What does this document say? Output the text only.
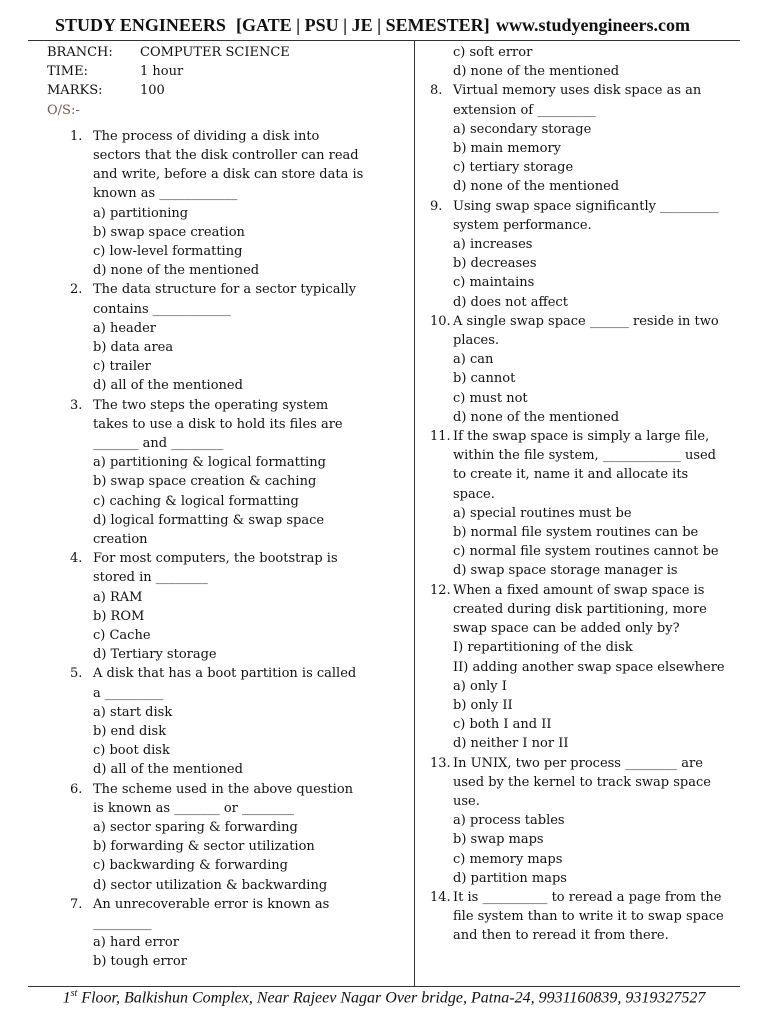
STUDY ENGINEERS [GATE | PSU | JE | SEMESTER] www.studyengineers.com
BRANCH: COMPUTER SCIENCE
TIME:	1 hour
MARKS:	100
O/S:-
1. The process of dividing a disk into sectors that the disk controller can read and write, before a disk can store data is known as ____________
a) partitioning
b) swap space creation
c) low-level formatting
d) none of the mentioned
2. The data structure for a sector typically contains ____________
a) header
b) data area
c) trailer
d) all of the mentioned
3. The two steps the operating system takes to use a disk to hold its files are _______ and ________
a) partitioning & logical formatting
b) swap space creation & caching
c) caching & logical formatting
d) logical formatting & swap space creation
4. For most computers, the bootstrap is stored in ________
a) RAM
b) ROM
c) Cache
d) Tertiary storage
5. A disk that has a boot partition is called a _________
a) start disk
b) end disk
c) boot disk
d) all of the mentioned
6. The scheme used in the above question is known as _______ or ________
a) sector sparing & forwarding
b) forwarding & sector utilization
c) backwarding & forwarding
d) sector utilization & backwarding
7. An unrecoverable error is known as _________
a) hard error
b) tough error
c) soft error
d) none of the mentioned
8. Virtual memory uses disk space as an extension of _________
a) secondary storage
b) main memory
c) tertiary storage
d) none of the mentioned
9. Using swap space significantly _________ system performance.
a) increases
b) decreases
c) maintains
d) does not affect
10. A single swap space ______ reside in two places.
a) can
b) cannot
c) must not
d) none of the mentioned
11. If the swap space is simply a large file, within the file system, ____________ used to create it, name it and allocate its space.
a) special routines must be
b) normal file system routines can be
c) normal file system routines cannot be
d) swap space storage manager is
12. When a fixed amount of swap space is created during disk partitioning, more swap space can be added only by?
I) repartitioning of the disk
II) adding another swap space elsewhere
a) only I
b) only II
c) both I and II
d) neither I nor II
13. In UNIX, two per process ________ are used by the kernel to track swap space use.
a) process tables
b) swap maps
c) memory maps
d) partition maps
14. It is __________ to reread a page from the file system than to write it to swap space and then to reread it from there.
1st Floor, Balkishun Complex, Near Rajeev Nagar Over bridge, Patna-24, 9931160839, 9319327527
